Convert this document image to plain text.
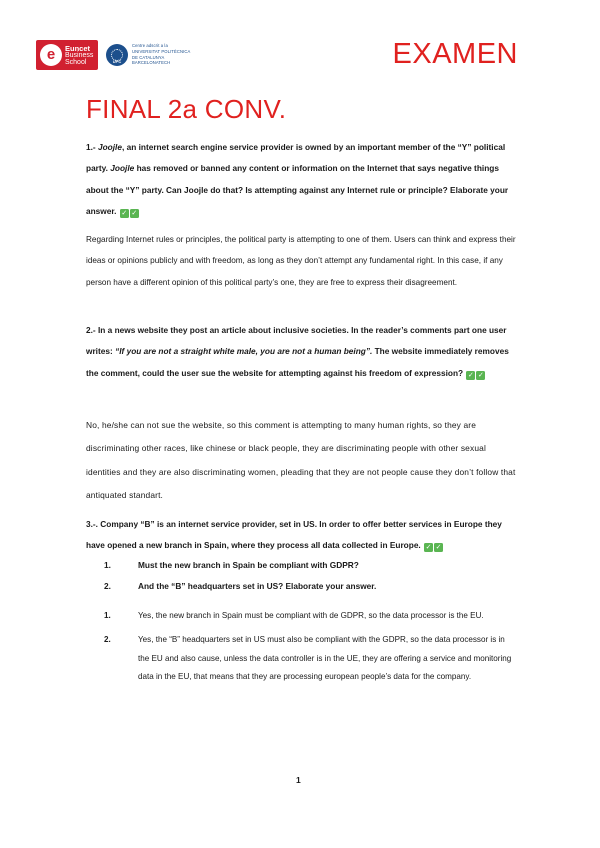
e	Euncet
Business
School	UPC
Centre adscrit a la
UNIVERSITAT POLITÈCNICA
DE CATALUNYA
BARCELONATECH	EXAMEN
FINAL 2a CONV.
1.- Joojle, an internet search engine service provider is owned by an important member of the “Y” political party. Joojle has removed or banned any content or information on the Internet that says negative things about the “Y” party. Can Joojle do that? Is attempting against any Internet rule or principle? Elaborate your answer. ✓ ✓
Regarding Internet rules or principles, the political party is attempting to one of them. Users can think and express their ideas or opinions publicly and with freedom, as long as they don’t attempt any fundamental right. In this case, if any person have a different opinion of this political party’s one, they are free to express their disagreement.
2.- In a news website they post an article about inclusive societies. In the reader’s comments part one user writes: “If you are not a straight white male, you are not a human being”. The website immediately removes the comment, could the user sue the website for attempting against his freedom of expression? ✓ ✓
No, he/she can not sue the website, so this comment is attempting to many human rights, so they are discriminating other races, like chinese or black people, they are discriminating people with other sexual identities and they are also discriminating women, pleading that they are not people cause they don’t follow that antiquated standart.
3.-. Company “B” is an internet service provider, set in US. In order to offer better services in Europe they have opened a new branch in Spain, where they process all data collected in Europe. ✓ ✓
1.	Must the new branch in Spain be compliant with GDPR?
2.	And the “B” headquarters set in US? Elaborate your answer.
1.	Yes, the new branch in Spain must be compliant with de GDPR, so the data processor is the EU.
2.	Yes, the “B” headquarters set in US must also be compliant with the GDPR, so the data processor is in the EU and also cause, unless the data controller is in the UE, they are offering a service and monitoring data in the EU, that means that they are processing european people’s data for the company.
1
